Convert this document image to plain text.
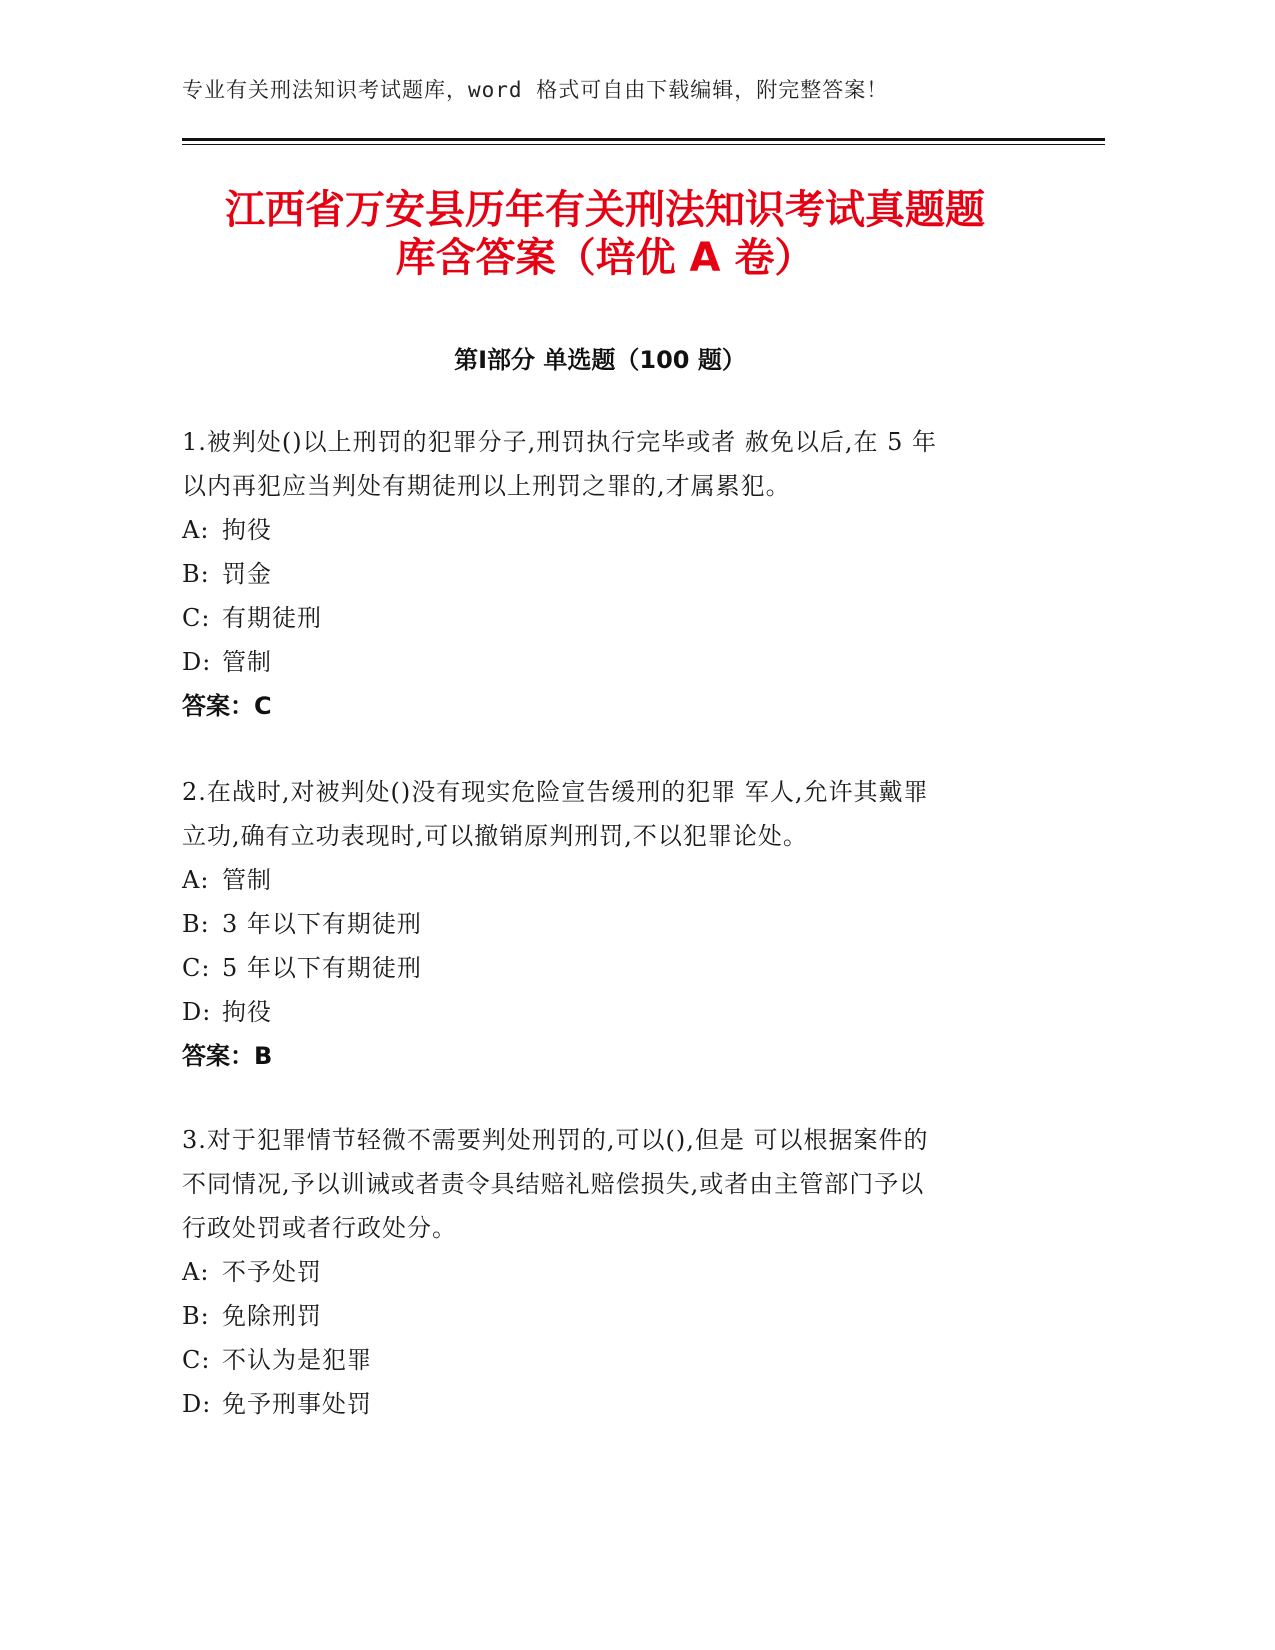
专业有关刑法知识考试题库，word 格式可自由下载编辑，附完整答案！
江西省万安县历年有关刑法知识考试真题题
库含答案（培优 A 卷）
第Ⅰ部分 单选题（100 题）

1.被判处()以上刑罚的犯罪分子,刑罚执行完毕或者 赦免以后,在 5 年
以内再犯应当判处有期徒刑以上刑罚之罪的,才属累犯。

A: 拘役
B: 罚金
C: 有期徒刑
D: 管制
答案：C

2.在战时,对被判处()没有现实危险宣告缓刑的犯罪 军人,允许其戴罪
立功,确有立功表现时,可以撤销原判刑罚,不以犯罪论处。

A: 管制
B: 3 年以下有期徒刑
C: 5 年以下有期徒刑
D: 拘役
答案：B

3.对于犯罪情节轻微不需要判处刑罚的,可以(),但是 可以根据案件的
不同情况,予以训诫或者责令具结赔礼赔偿损失,或者由主管部门予以
行政处罚或者行政处分。

A: 不予处罚
B: 免除刑罚
C: 不认为是犯罪
D: 免予刑事处罚
